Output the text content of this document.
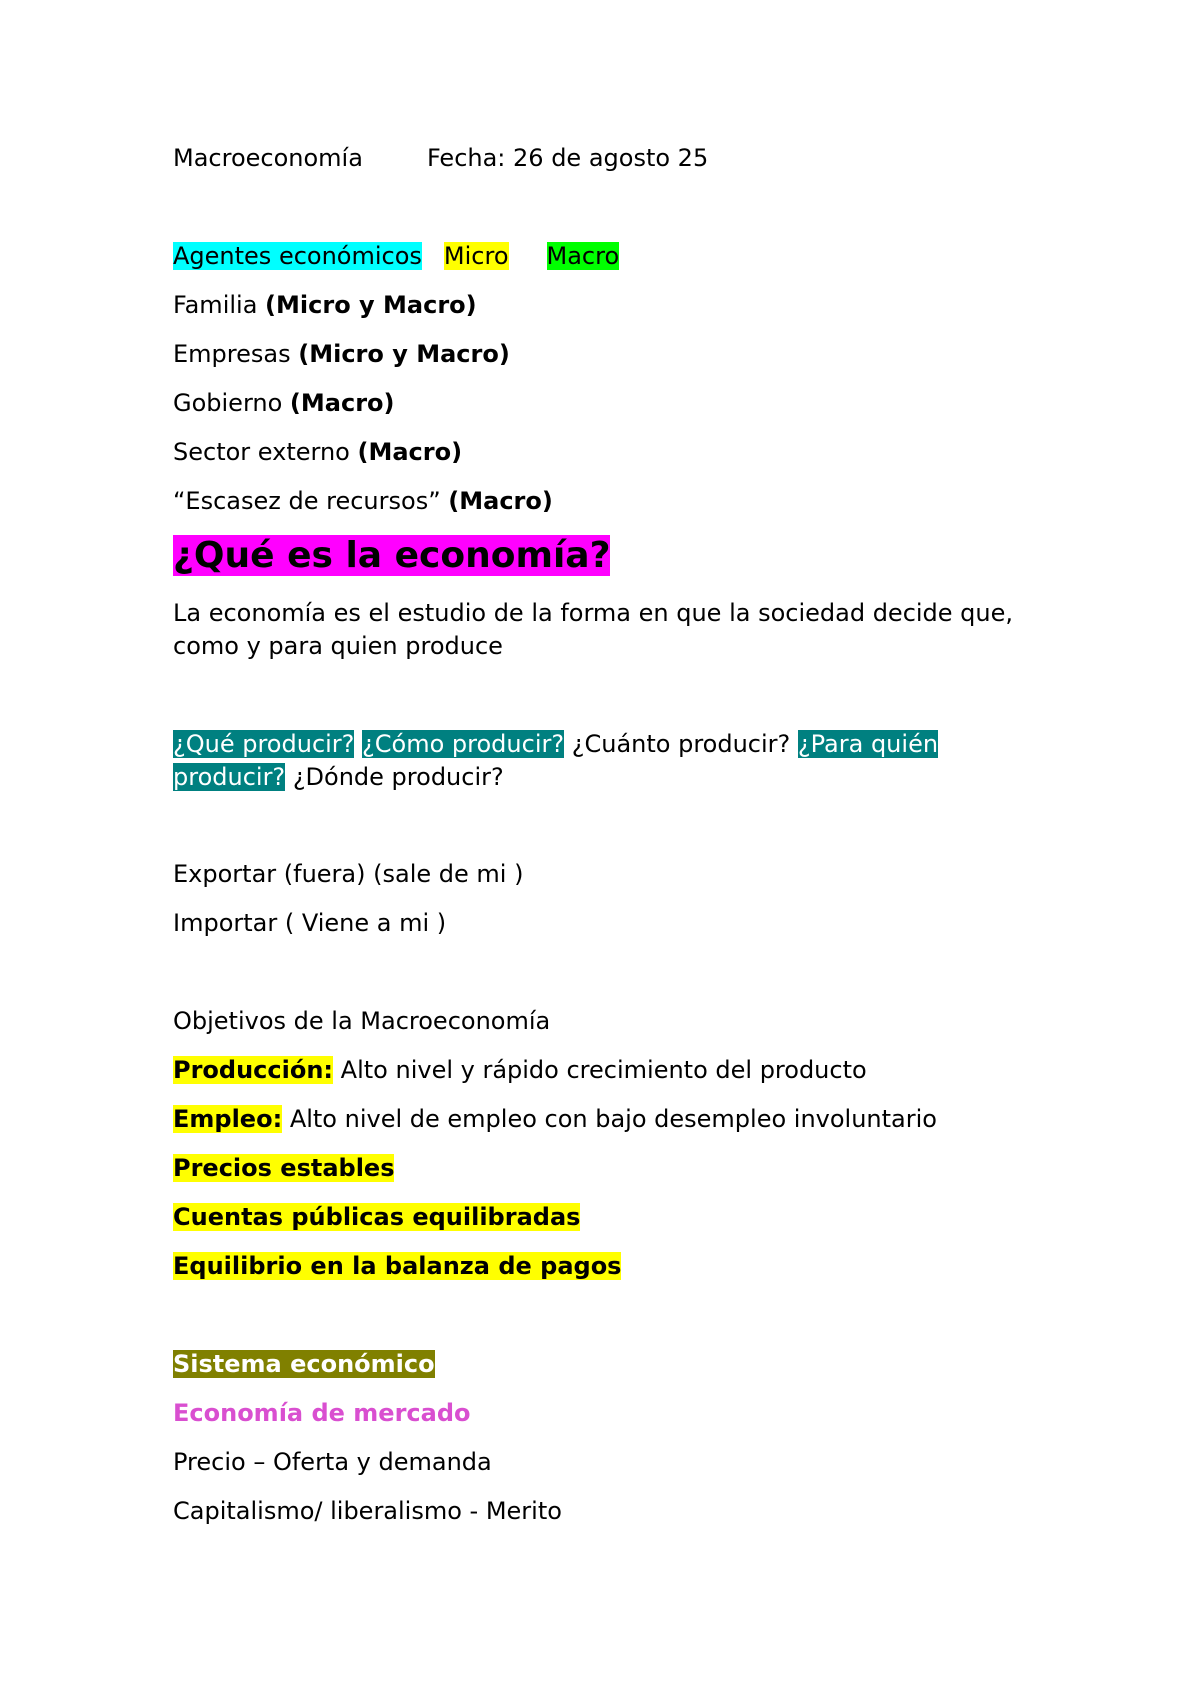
Macroeconomía	Fecha: 26 de agosto 25
Agentes económicos Micro Macro
Familia (Micro y Macro)
Empresas (Micro y Macro)
Gobierno (Macro)
Sector externo (Macro)
“Escasez de recursos” (Macro)
¿Qué es la economía?
La economía es el estudio de la forma en que la sociedad decide que, como y para quien produce
¿Qué producir? ¿Cómo producir? ¿Cuánto producir? ¿Para quién producir? ¿Dónde producir?
Exportar (fuera) (sale de mi )
Importar ( Viene a mi )
Objetivos de la Macroeconomía
Producción: Alto nivel y rápido crecimiento del producto
Empleo: Alto nivel de empleo con bajo desempleo involuntario
Precios estables
Cuentas públicas equilibradas
Equilibrio en la balanza de pagos
Sistema económico
Economía de mercado
Precio – Oferta y demanda
Capitalismo/ liberalismo - Merito
